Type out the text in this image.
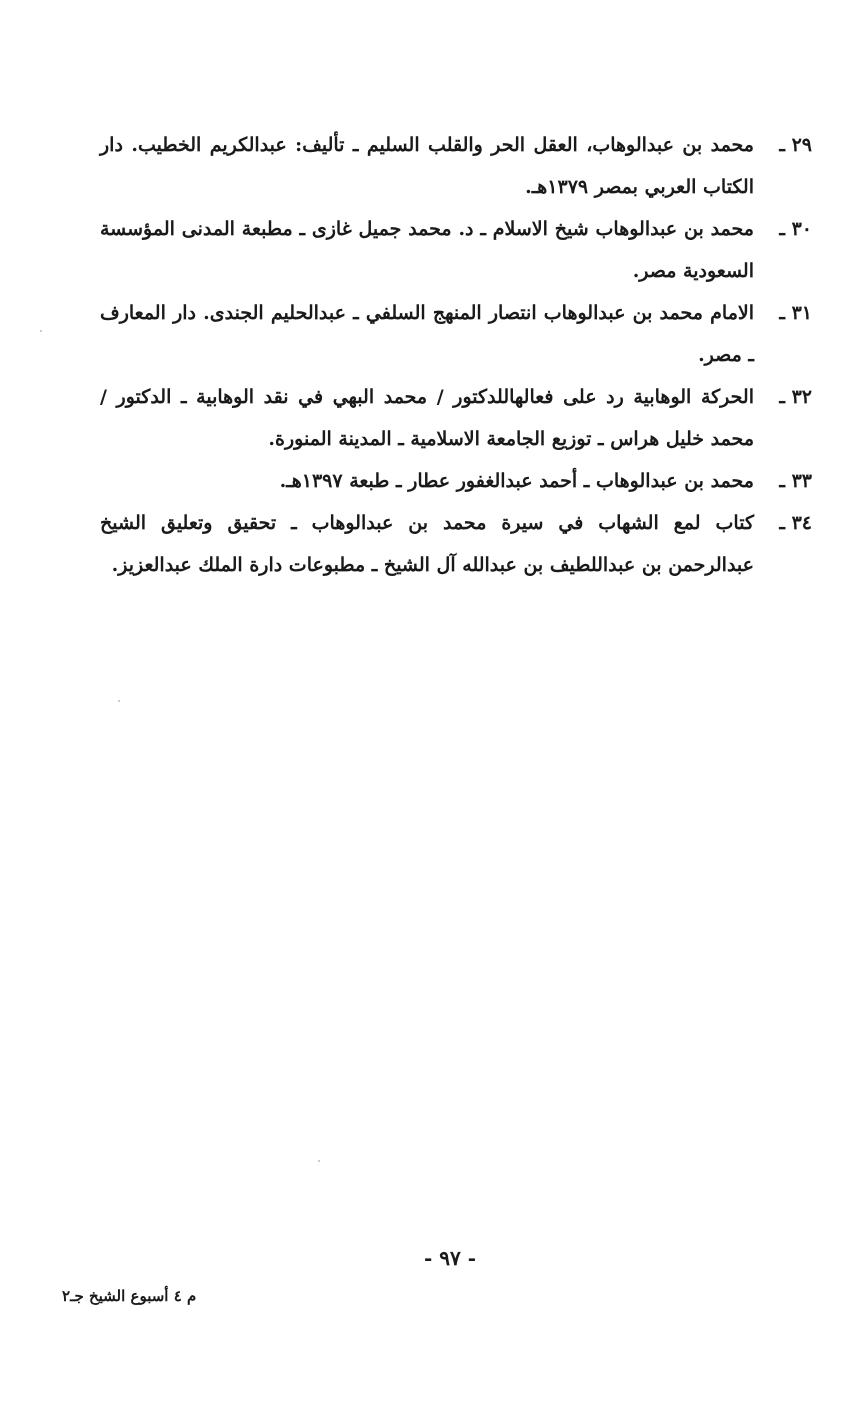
٢٩ ـ
محمد بن عبدالوهاب، العقل الحر والقلب السليم ـ تأليف: عبدالكريم الخطيب. دار الكتاب العربي بمصر ١٣٧٩هـ.
٣٠ ـ
محمد بن عبدالوهاب شيخ الاسلام ـ د. محمد جميل غازى ـ مطبعة المدنى المؤسسة السعودية مصر.
٣١ ـ
الامام محمد بن عبدالوهاب انتصار المنهج السلفي ـ عبدالحليم الجندى. دار المعارف ـ مصر.
٣٢ ـ
الحركة الوهابية رد على فعالهاللدكتور / محمد البهي في نقد الوهابية ـ الدكتور / محمد خليل هراس ـ توزيع الجامعة الاسلامية ـ المدينة المنورة.
٣٣ ـ
محمد بن عبدالوهاب ـ أحمد عبدالغفور عطار ـ طبعة ١٣٩٧هـ.
٣٤ ـ
كتاب لمع الشهاب في سيرة محمد بن عبدالوهاب ـ تحقيق وتعليق الشيخ عبدالرحمن بن عبداللطيف بن عبدالله آل الشيخ ـ مطبوعات دارة الملك عبدالعزيز.
- ٩٧ -
م ٤ أسبوع الشيخ جـ٢
